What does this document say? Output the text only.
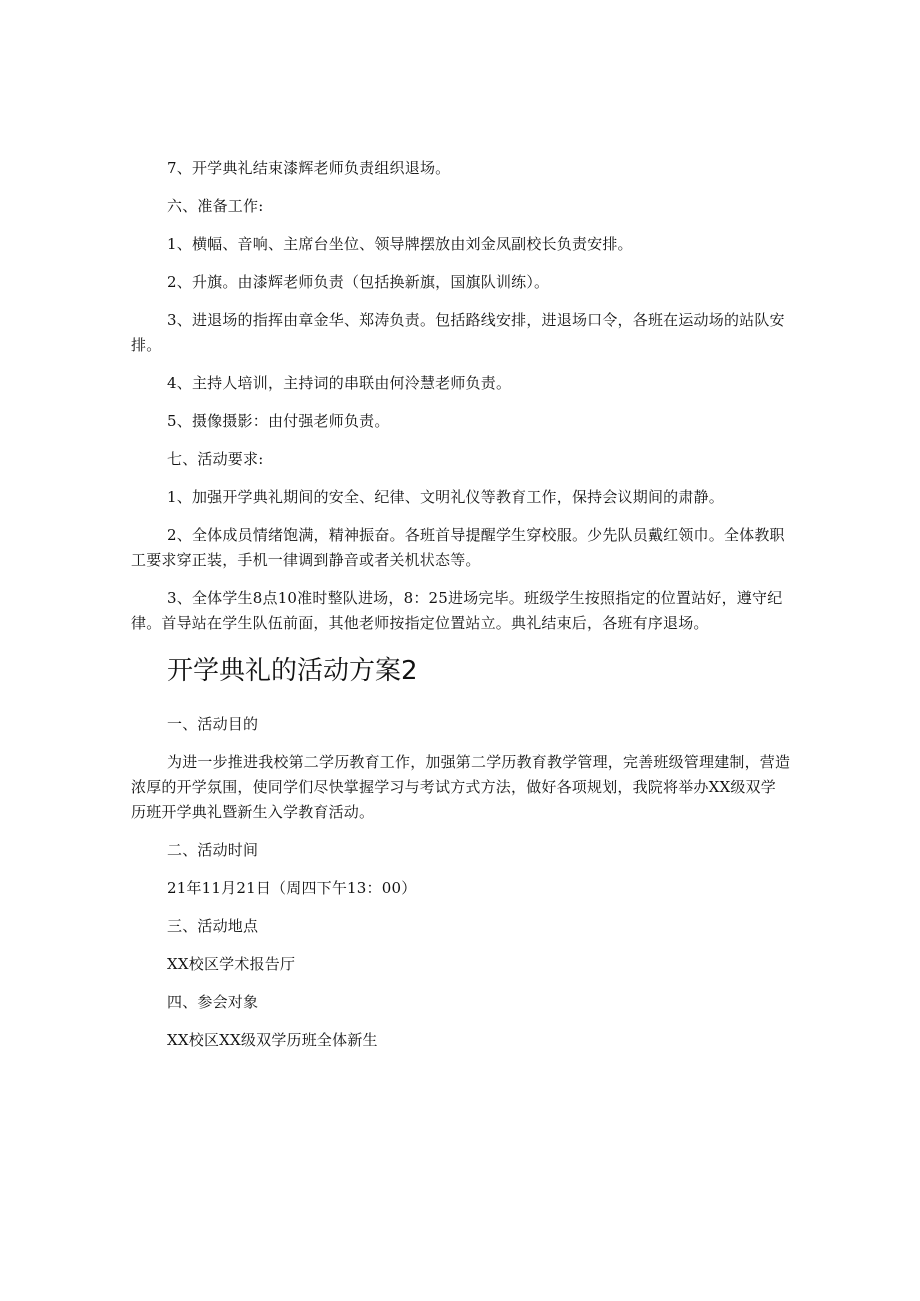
7、开学典礼结束漆辉老师负责组织退场。

六、准备工作:

1、横幅、音响、主席台坐位、领导牌摆放由刘金凤副校长负责安排。

2、升旗。由漆辉老师负责（包括换新旗，国旗队训练）。

3、进退场的指挥由章金华、郑涛负责。包括路线安排，进退场口令，各班在运动场的站队安排。

4、主持人培训，主持词的串联由何泠慧老师负责。

5、摄像摄影：由付强老师负责。

七、活动要求:

1、加强开学典礼期间的安全、纪律、文明礼仪等教育工作，保持会议期间的肃静。

2、全体成员情绪饱满，精神振奋。各班首导提醒学生穿校服。少先队员戴红领巾。全体教职工要求穿正装，手机一律调到静音或者关机状态等。

3、全体学生8点10准时整队进场，8：25进场完毕。班级学生按照指定的位置站好，遵守纪律。首导站在学生队伍前面，其他老师按指定位置站立。典礼结束后，各班有序退场。

开学典礼的活动方案2

一、活动目的

为进一步推进我校第二学历教育工作，加强第二学历教育教学管理，完善班级管理建制，营造浓厚的开学氛围，使同学们尽快掌握学习与考试方式方法，做好各项规划，我院将举办XX级双学历班开学典礼暨新生入学教育活动。

二、活动时间

21年11月21日（周四下午13：00）

三、活动地点

XX校区学术报告厅

四、参会对象

XX校区XX级双学历班全体新生
